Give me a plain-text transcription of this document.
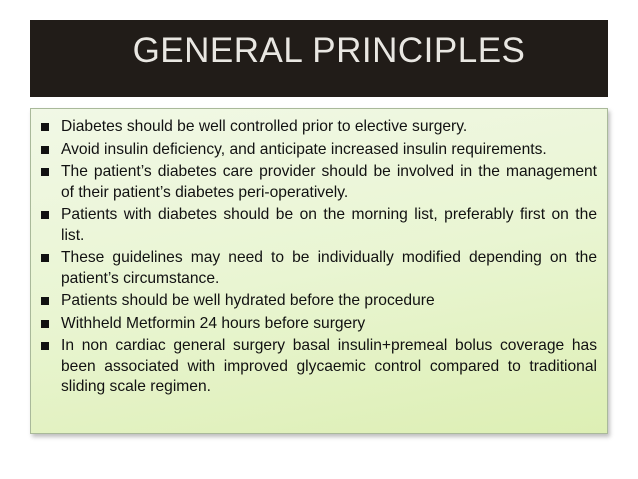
GENERAL PRINCIPLES
Diabetes should be well controlled prior to elective surgery.
Avoid insulin deficiency, and anticipate increased insulin requirements.
The patient’s diabetes care provider should be involved in the management of their patient’s diabetes peri-operatively.
Patients with diabetes should be on the morning list, preferably first on the list.
These guidelines may need to be individually modified depending on the patient’s circumstance.
Patients should be well hydrated before the procedure
Withheld Metformin 24 hours before surgery
In non cardiac general surgery basal insulin+premeal bolus coverage has been associated with improved glycaemic control compared to traditional sliding scale regimen.
